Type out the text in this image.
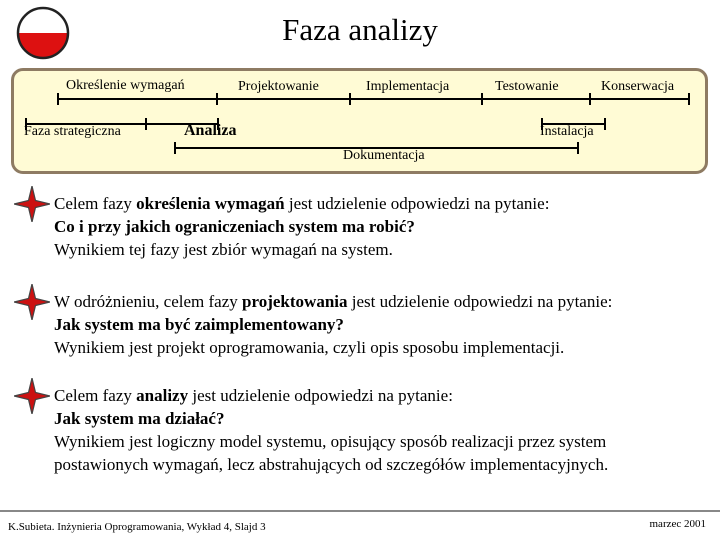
Faza analizy
Określenie wymagań	Projektowanie	Implementacja	Testowanie	Konserwacja
Faza strategiczna	Analiza	Instalacja
Dokumentacja
Celem fazy określenia wymagań jest udzielenie odpowiedzi na pytanie:
Co i przy jakich ograniczeniach system ma robić?
Wynikiem tej fazy jest zbiór wymagań na system.
W odróżnieniu, celem fazy projektowania jest udzielenie odpowiedzi na pytanie:
Jak system ma być zaimplementowany?
Wynikiem jest projekt oprogramowania, czyli opis sposobu implementacji.
Celem fazy analizy jest udzielenie odpowiedzi na pytanie:
Jak system ma działać?
Wynikiem jest logiczny model systemu, opisujący sposób realizacji przez system
postawionych wymagań, lecz abstrahujących od szczegółów implementacyjnych.
K.Subieta. Inżynieria Oprogramowania, Wykład 4, Slajd 3	marzec 2001
